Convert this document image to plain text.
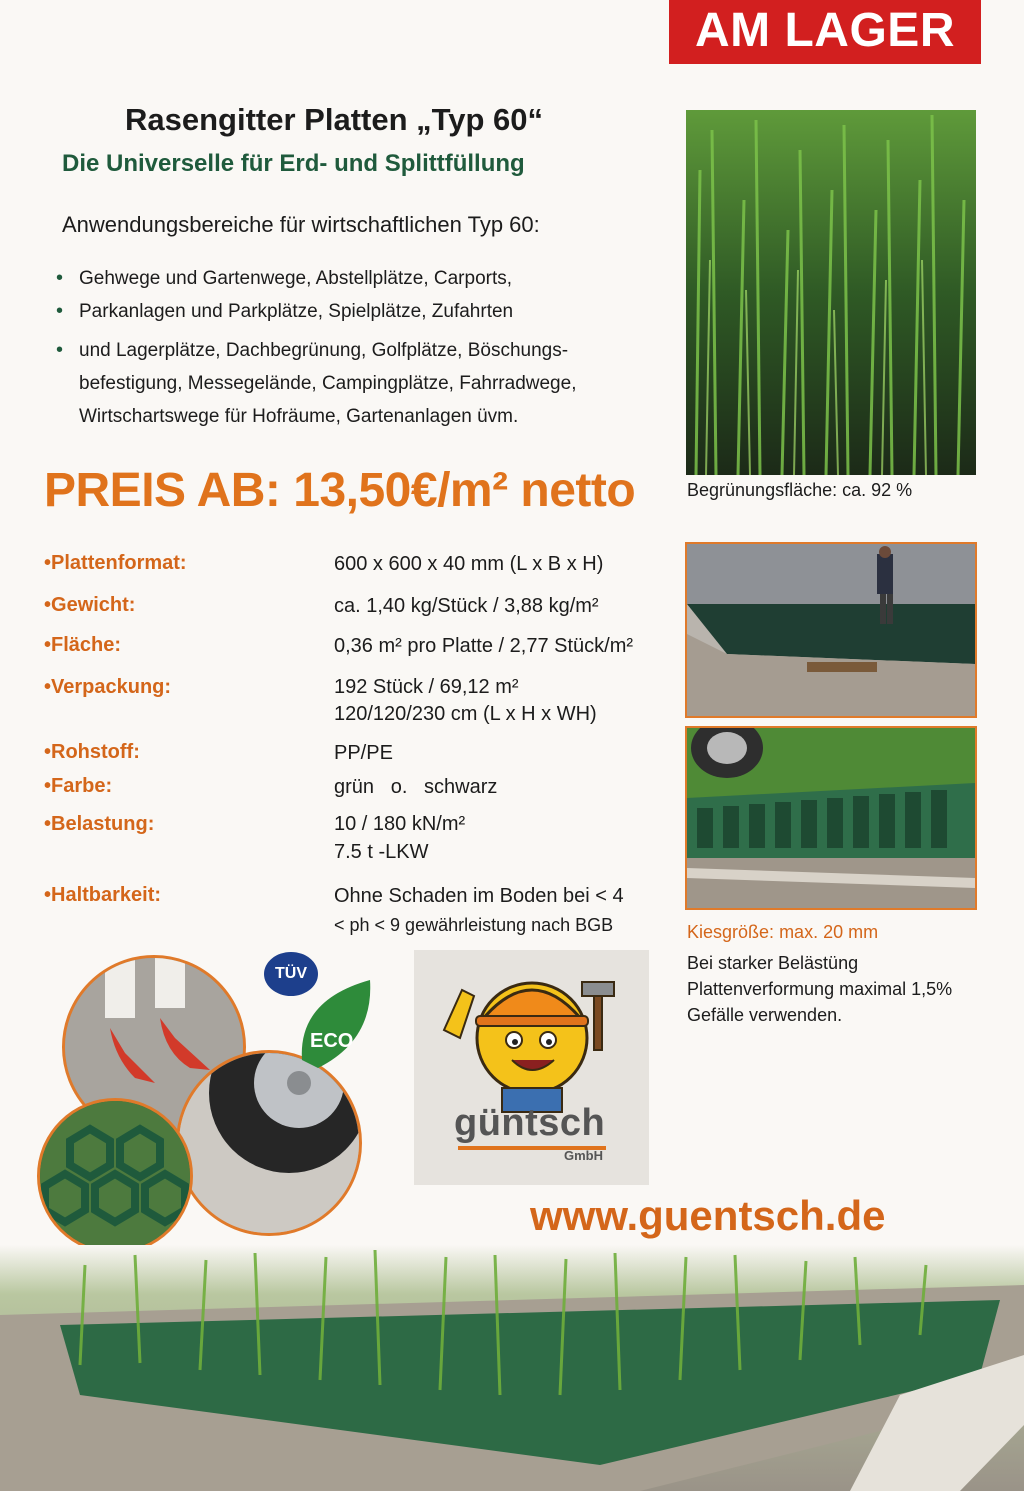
AM LAGER
Rasengitter Platten „Typ 60“
Die Universelle für Erd- und Splittfüllung
Anwendungsbereiche für wirtschaftlichen Typ 60:
• Gehwege und Gartenwege, Abstellplätze, Carports,
• Parkanlagen und Parkplätze, Spielplätze, Zufahrten
• und Lagerplätze, Dachbegrünung, Golfplätze, Böschungs-befestigung, Messegelände, Campingplätze, Fahrradwege, Wirtschartswege für Hofräume, Gartenanlagen üvm.
PREIS AB: 13,50€/m² netto
• Plattenformat:	600 x 600 x 40 mm (L x B x H)
• Gewicht:	ca. 1,40 kg/Stück / 3,88 kg/m²
• Fläche:	0,36 m² pro Platte / 2,77 Stück/m²
• Verpackung:	192 Stück / 69,12 m²
120/120/230 cm (L x H x WH)
• Rohstoff:	PP/PE
• Farbe:	grün   o.   schwarz
• Belastung:	10 / 180 kN/m²
7.5 t -LKW
• Haltbarkeit:	Ohne Schaden im Boden bei < 4
< ph < 9 gewährleistung nach BGB
Begrünungsfläche: ca. 92 %
Kiesgröße: max. 20 mm
Bei starker Belästüng
Plattenverformung maximal 1,5%
Gefälle verwenden.
TÜV
ECO
güntsch
GmbH
www.guentsch.de
